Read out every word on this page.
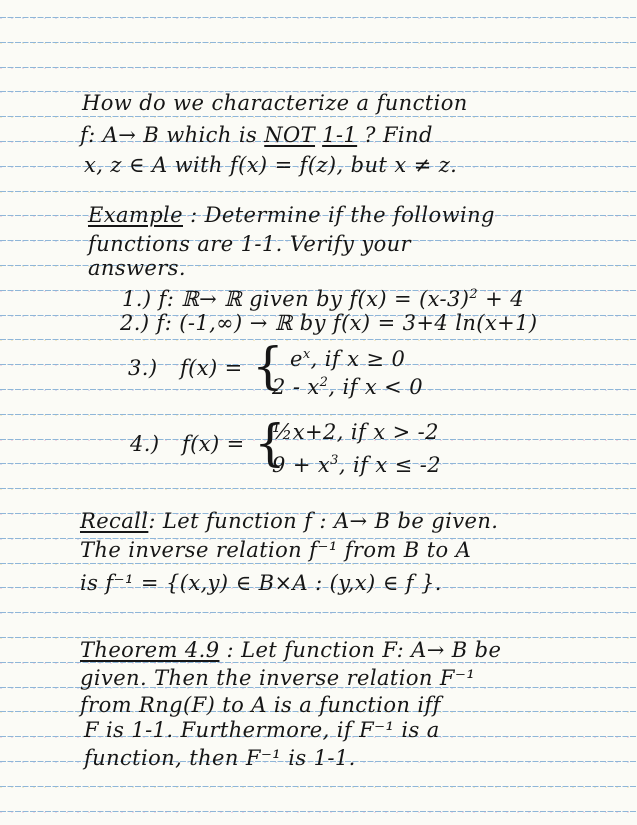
How do we characterize a function

f: A→ B which is NOT 1-1 ? Find

x, z ∈ A with f(x) = f(z), but x ≠ z.

Example : Determine if the following

functions are 1-1. Verify your

answers.

1.) f: ℝ→ ℝ given by $f(x) = (x-3)^2 + 4$

2.) f: (-1,∞) → ℝ by f(x) = 3+4 ln(x+1)

3.) f(x) = { $e^x$, if x ≥ 0

$2 - x^2$, if x < 0

4.) f(x) = {

½x+2, if x > -2

$9 + x^3$, if x ≤ -2

Recall: Let function f : A→ B be given.

The inverse relation f⁻¹ from B to A

is f⁻¹ = {(x,y) ∈ B×A : (y,x) ∈ f }.

Theorem 4.9 : Let function F: A→ B be

given. Then the inverse relation F⁻¹

from Rng(F) to A is a function iff

F is 1-1. Furthermore, if F⁻¹ is a

function, then F⁻¹ is 1-1.
